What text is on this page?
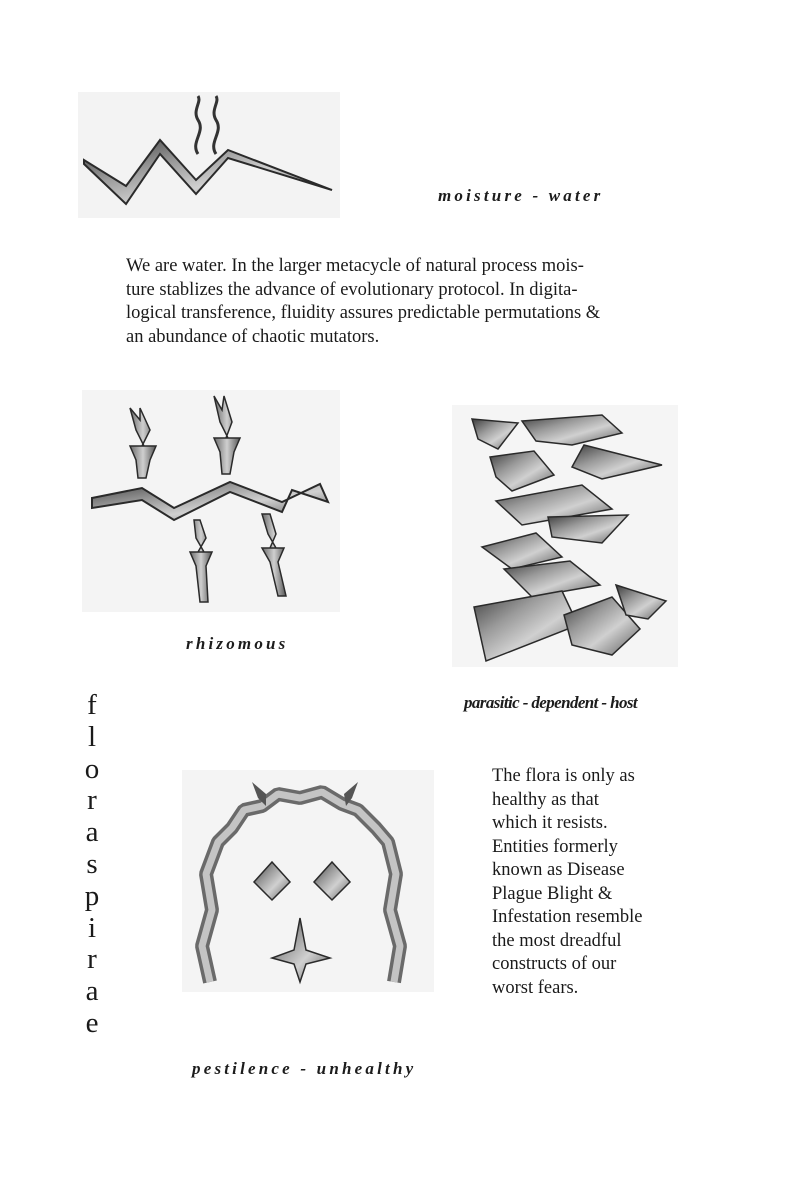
moisture - water
We are water. In the larger metacycle of natural process mois-
ture stablizes the advance of evolutionary protocol. In digita-
logical transference, fluidity assures predictable permutations &
an abundance of chaotic mutators.
rhizomous
parasitic - dependent - host
pestilence - unhealthy
The flora is only as
healthy as that
which it resists.
Entities formerly
known as Disease
Plague Blight &
Infestation resemble
the most dreadful
constructs of our
worst fears.
f
l
o
r
a
s
p
i
r
a
e
